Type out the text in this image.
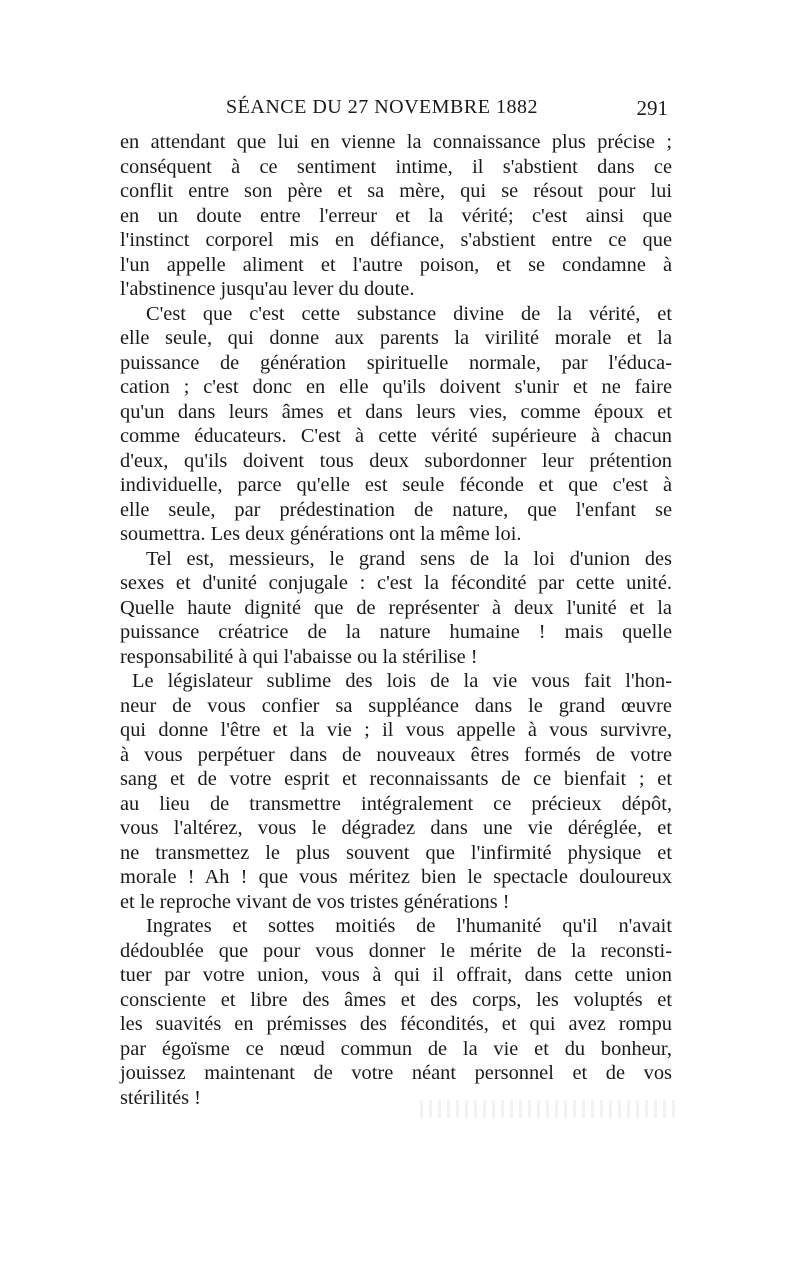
SÉANCE DU 27 NOVEMBRE 1882	291
en attendant que lui en vienne la connaissance plus précise ;
conséquent à ce sentiment intime, il s'abstient dans ce
conflit entre son père et sa mère, qui se résout pour lui
en un doute entre l'erreur et la vérité; c'est ainsi que
l'instinct corporel mis en défiance, s'abstient entre ce que
l'un appelle aliment et l'autre poison, et se condamne à
l'abstinence jusqu'au lever du doute.
C'est que c'est cette substance divine de la vérité, et
elle seule, qui donne aux parents la virilité morale et la
puissance de génération spirituelle normale, par l'éduca-
cation ; c'est donc en elle qu'ils doivent s'unir et ne faire
qu'un dans leurs âmes et dans leurs vies, comme époux et
comme éducateurs. C'est à cette vérité supérieure à chacun
d'eux, qu'ils doivent tous deux subordonner leur prétention
individuelle, parce qu'elle est seule féconde et que c'est à
elle seule, par prédestination de nature, que l'enfant se
soumettra. Les deux générations ont la même loi.
Tel est, messieurs, le grand sens de la loi d'union des
sexes et d'unité conjugale : c'est la fécondité par cette unité.
Quelle haute dignité que de représenter à deux l'unité et la
puissance créatrice de la nature humaine ! mais quelle
responsabilité à qui l'abaisse ou la stérilise !
Le législateur sublime des lois de la vie vous fait l'hon-
neur de vous confier sa suppléance dans le grand œuvre
qui donne l'être et la vie ; il vous appelle à vous survivre,
à vous perpétuer dans de nouveaux êtres formés de votre
sang et de votre esprit et reconnaissants de ce bienfait ; et
au lieu de transmettre intégralement ce précieux dépôt,
vous l'altérez, vous le dégradez dans une vie déréglée, et
ne transmettez le plus souvent que l'infirmité physique et
morale ! Ah ! que vous méritez bien le spectacle douloureux
et le reproche vivant de vos tristes générations !
Ingrates et sottes moitiés de l'humanité qu'il n'avait
dédoublée que pour vous donner le mérite de la reconsti-
tuer par votre union, vous à qui il offrait, dans cette union
consciente et libre des âmes et des corps, les voluptés et
les suavités en prémisses des fécondités, et qui avez rompu
par égoïsme ce nœud commun de la vie et du bonheur,
jouissez maintenant de votre néant personnel et de vos
stérilités !
